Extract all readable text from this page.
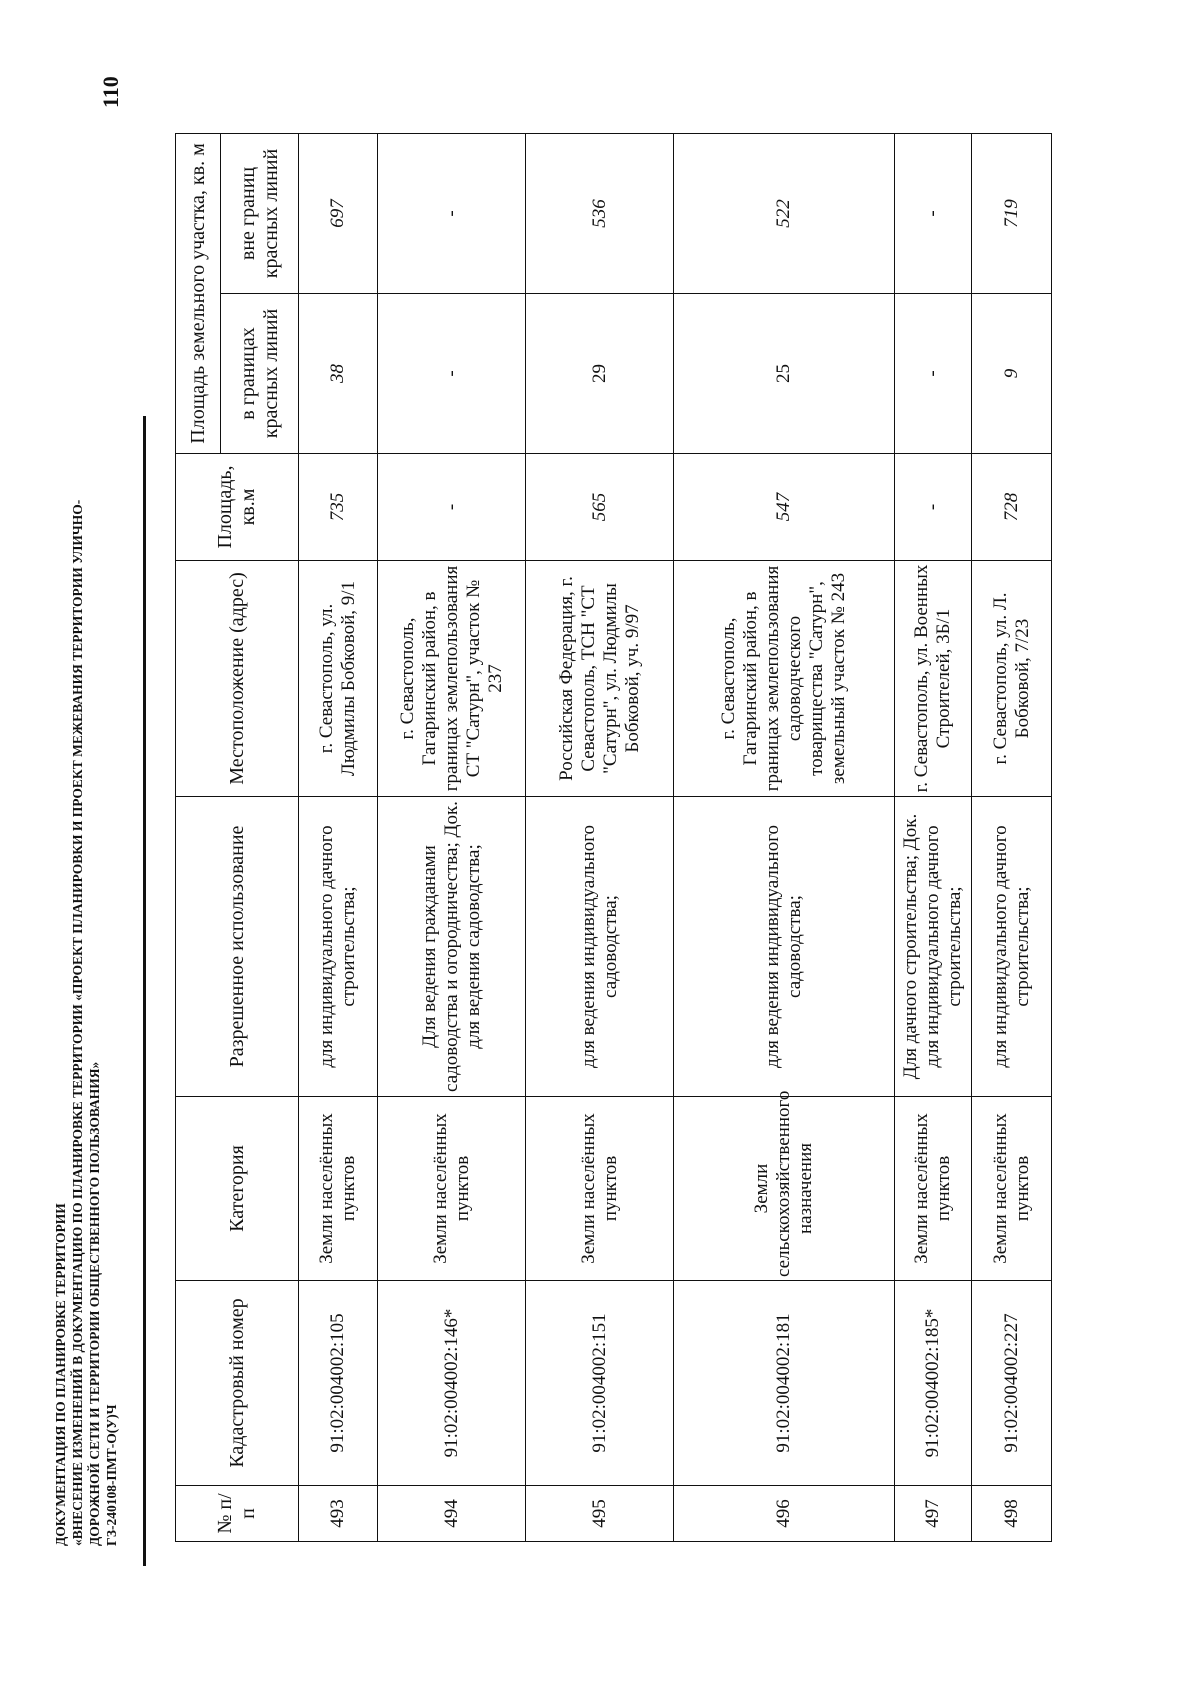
110
ДОКУМЕНТАЦИЯ ПО ПЛАНИРОВКЕ ТЕРРИТОРИИ «ВНЕСЕНИЕ ИЗМЕНЕНИЙ В ДОКУМЕНТАЦИЮ ПО ПЛАНИРОВКЕ ТЕРРИТОРИИ «ПРОЕКТ ПЛАНИРОВКИ И ПРОЕКТ МЕЖЕВАНИЯ ТЕРРИТОРИИ УЛИЧНО- ДОРОЖНОЙ СЕТИ И ТЕРРИТОРИИ ОБЩЕСТВЕННОГО ПОЛЬЗОВАНИЯ» ГЗ-240108-ПМТ-О(У)Ч	№ п/п	Кадастровый номер	Категория	Разрешенное использование	Местоположение (адрес)	Площадь, кв.м	Площадь земельного участка, кв. м	
						в границах красных линий	вне границ красных линий
493	91:02:004002:105	Земли населённых пунктов	для индивидуального дачного строительства;	г. Севастополь, ул. Людмилы Бобковой, 9/1	735	38	697
494	91:02:004002:146*	Земли населённых пунктов	Для ведения гражданами садоводства и огородничества; Док. для ведения садоводства;	г. Севастополь, Гагаринский район, в границах землепользования СТ "Сатурн", участок № 237	-	-	-
495	91:02:004002:151	Земли населённых пунктов	для ведения индивидуального садоводства;	Российская Федерация, г. Севастополь, ТСН "СТ "Сатурн", ул. Людмилы Бобковой, уч. 9/97	565	29	536
496	91:02:004002:181	Земли сельскохозяйственного назначения	для ведения индивидуального садоводства;	г. Севастополь, Гагаринский район, в границах землепользования садоводческого товарищества "Сатурн", земельный участок № 243	547	25	522
497	91:02:004002:185*	Земли населённых пунктов	Для дачного строительства; Док. для индивидуального дачного строительства;	г. Севастополь, ул. Военных Строителей, 3Б/1	-	-	-
498	91:02:004002:227	Земли населённых пунктов	для индивидуального дачного строительства;	г. Севастополь, ул. Л. Бобковой, 7/23	728	9	719
